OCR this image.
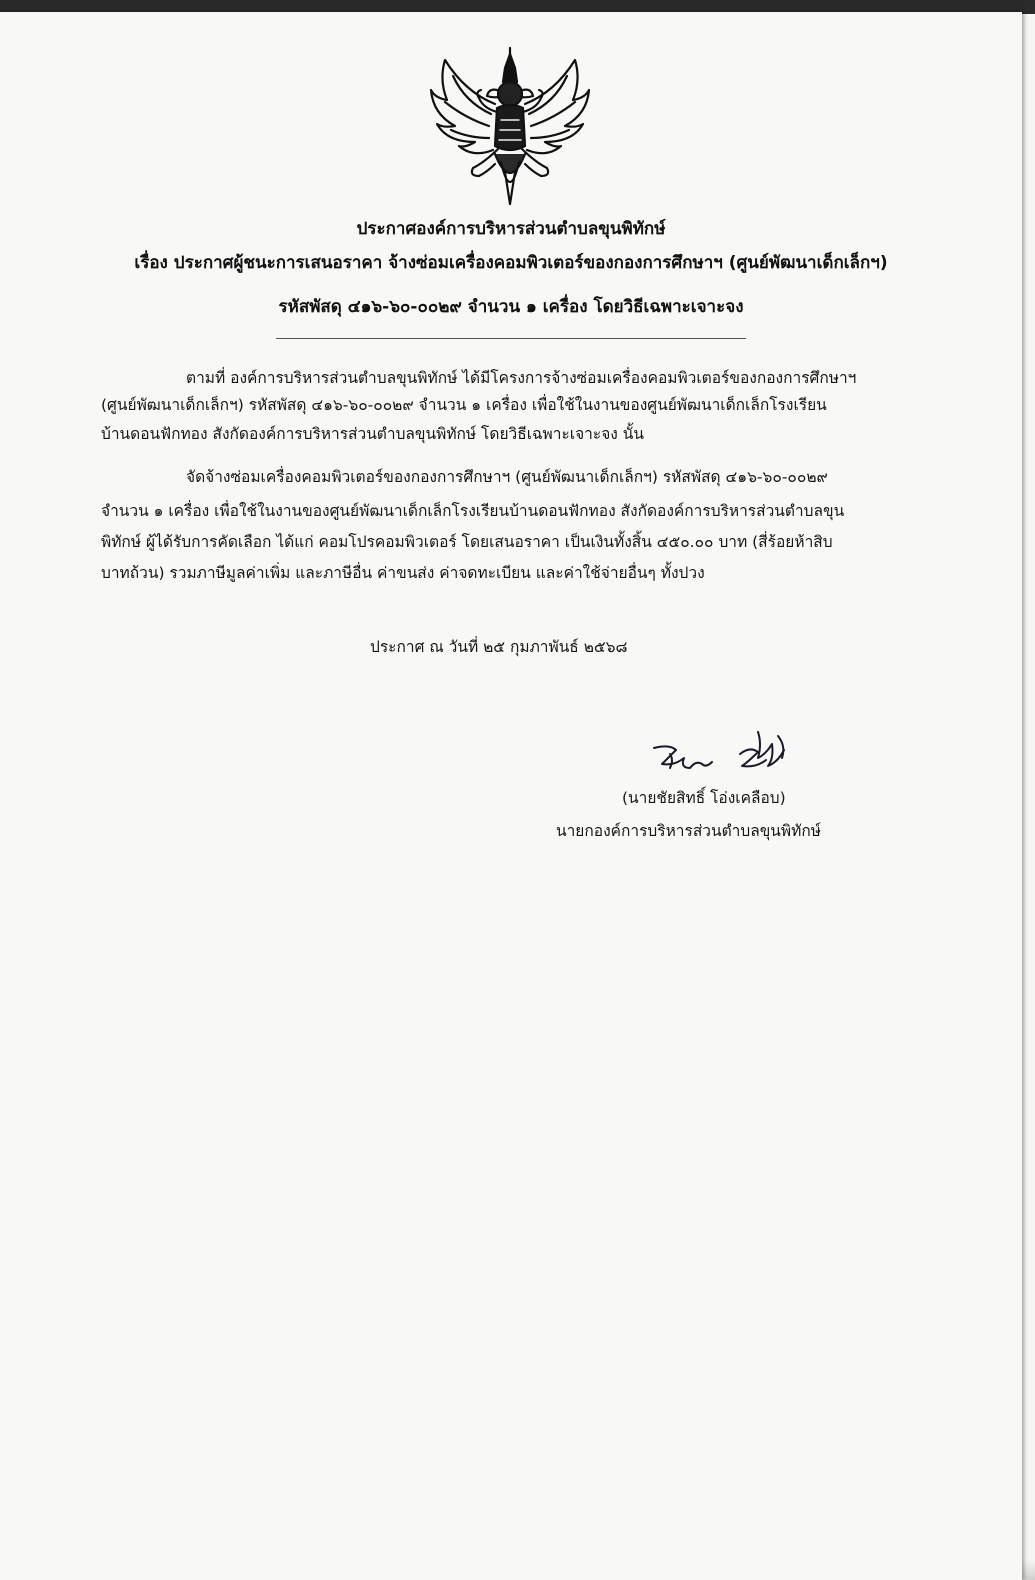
ประกาศองค์การบริหารส่วนตำบลขุนพิทักษ์
เรื่อง ประกาศผู้ชนะการเสนอราคา จ้างซ่อมเครื่องคอมพิวเตอร์ของกองการศึกษาฯ (ศูนย์พัฒนาเด็กเล็กฯ)
รหัสพัสดุ ๔๑๖-๖๐-๐๐๒๙ จำนวน ๑ เครื่อง โดยวิธีเฉพาะเจาะจง
ตามที่ องค์การบริหารส่วนตำบลขุนพิทักษ์ ได้มีโครงการจ้างซ่อมเครื่องคอมพิวเตอร์ของกองการศึกษาฯ
(ศูนย์พัฒนาเด็กเล็กฯ) รหัสพัสดุ ๔๑๖-๖๐-๐๐๒๙ จำนวน ๑ เครื่อง เพื่อใช้ในงานของศูนย์พัฒนาเด็กเล็กโรงเรียน
บ้านดอนฟักทอง สังกัดองค์การบริหารส่วนตำบลขุนพิทักษ์ โดยวิธีเฉพาะเจาะจง นั้น
จัดจ้างซ่อมเครื่องคอมพิวเตอร์ของกองการศึกษาฯ (ศูนย์พัฒนาเด็กเล็กฯ) รหัสพัสดุ ๔๑๖-๖๐-๐๐๒๙
จำนวน ๑ เครื่อง เพื่อใช้ในงานของศูนย์พัฒนาเด็กเล็กโรงเรียนบ้านดอนฟักทอง สังกัดองค์การบริหารส่วนตำบลขุน
พิทักษ์ ผู้ได้รับการคัดเลือก ได้แก่ คอมโปรคอมพิวเตอร์ โดยเสนอราคา เป็นเงินทั้งสิ้น ๔๕๐.๐๐ บาท (สี่ร้อยห้าสิบ
บาทถ้วน) รวมภาษีมูลค่าเพิ่ม และภาษีอื่น ค่าขนส่ง ค่าจดทะเบียน และค่าใช้จ่ายอื่นๆ ทั้งปวง
ประกาศ ณ วันที่ ๒๕ กุมภาพันธ์ ๒๕๖๘
(นายชัยสิทธิ์ โอ่งเคลือบ)
นายกองค์การบริหารส่วนตำบลขุนพิทักษ์
